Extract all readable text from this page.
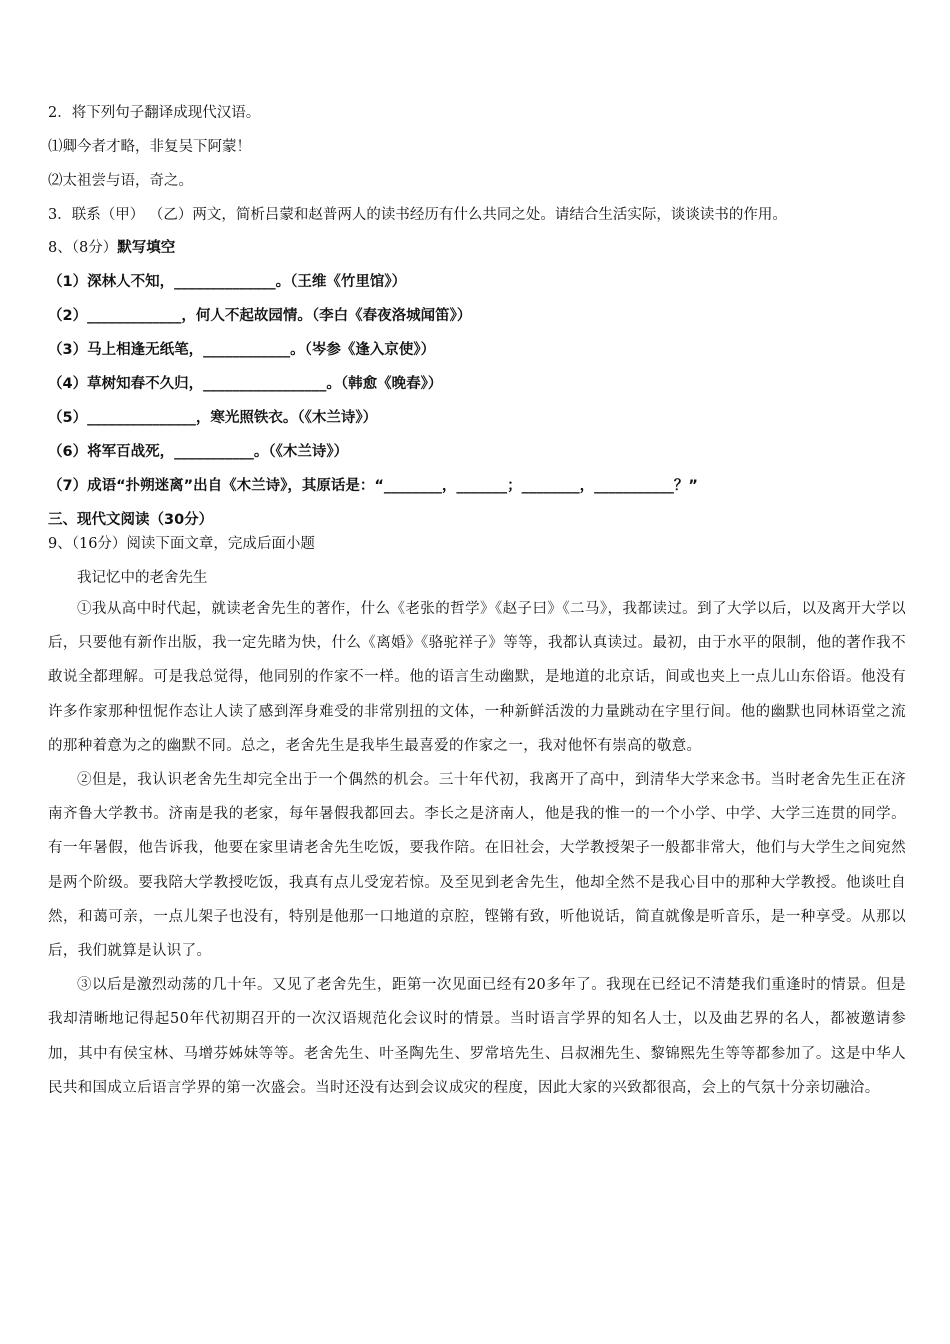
2．将下列句子翻译成现代汉语。
⑴卿今者才略，非复吴下阿蒙！
⑵太祖尝与语，奇之。
3．联系（甲） （乙）两文，简析吕蒙和赵普两人的读书经历有什么共同之处。请结合生活实际，谈谈读书的作用。
8、（8分）默写填空
（1）深林人不知，______________。（王维《竹里馆》）
（2）_____________，何人不起故园情。（李白《春夜洛城闻笛》）
（3）马上相逢无纸笔，____________。（岑参《逢入京使》）
（4）草树知春不久归，_________________。（韩愈《晚春》）
（5）_______________，寒光照铁衣。（《木兰诗》）
（6）将军百战死，___________。（《木兰诗》）
（7）成语“扑朔迷离”出自《木兰诗》，其原话是：“________，_______；________，___________？”
三、现代文阅读（30分）
9、（16分）阅读下面文章，完成后面小题
我记忆中的老舍先生

①我从高中时代起，就读老舍先生的著作，什么《老张的哲学》《赵子曰》《二马》，我都读过。到了大学以后，以及离开大学以后，只要他有新作出版，我一定先睹为快，什么《离婚》《骆驼祥子》等等，我都认真读过。最初，由于水平的限制，他的著作我不敢说全都理解。可是我总觉得，他同别的作家不一样。他的语言生动幽默，是地道的北京话，间或也夹上一点儿山东俗语。他没有许多作家那种忸怩作态让人读了感到浑身难受的非常别扭的文体，一种新鲜活泼的力量跳动在字里行间。他的幽默也同林语堂之流的那种着意为之的幽默不同。总之，老舍先生是我毕生最喜爱的作家之一，我对他怀有崇高的敬意。

②但是，我认识老舍先生却完全出于一个偶然的机会。三十年代初，我离开了高中，到清华大学来念书。当时老舍先生正在济南齐鲁大学教书。济南是我的老家，每年暑假我都回去。李长之是济南人，他是我的惟一的一个小学、中学、大学三连贯的同学。有一年暑假，他告诉我，他要在家里请老舍先生吃饭，要我作陪。在旧社会，大学教授架子一般都非常大，他们与大学生之间宛然是两个阶级。要我陪大学教授吃饭，我真有点儿受宠若惊。及至见到老舍先生，他却全然不是我心目中的那种大学教授。他谈吐自然，和蔼可亲，一点儿架子也没有，特别是他那一口地道的京腔，铿锵有致，听他说话，简直就像是听音乐，是一种享受。从那以后，我们就算是认识了。

③以后是激烈动荡的几十年。又见了老舍先生，距第一次见面已经有20多年了。我现在已经记不清楚我们重逢时的情景。但是我却清晰地记得起50年代初期召开的一次汉语规范化会议时的情景。当时语言学界的知名人士，以及曲艺界的名人，都被邀请参加，其中有侯宝林、马增芬姊妹等等。老舍先生、叶圣陶先生、罗常培先生、吕叔湘先生、黎锦熙先生等等都参加了。这是中华人民共和国成立后语言学界的第一次盛会。当时还没有达到会议成灾的程度，因此大家的兴致都很高，会上的气氛十分亲切融洽。
